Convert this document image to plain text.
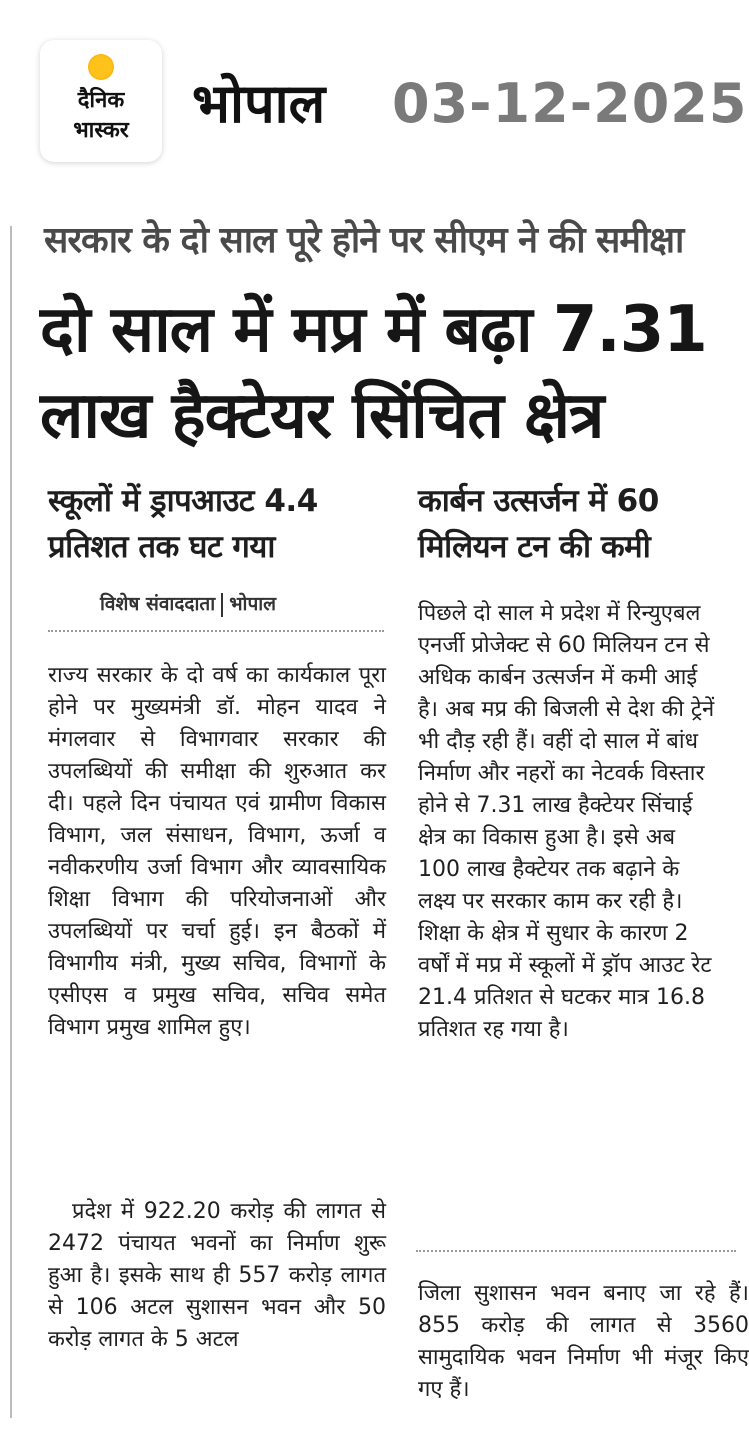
दैनिक
भास्कर	भोपाल 03-12-2025
सरकार के दो साल पूरे होने पर सीएम ने की समीक्षा
दो साल में मप्र में बढ़ा 7.31
लाख हैक्टेयर सिंचित क्षेत्र
स्कूलों में ड्रापआउट 4.4
प्रतिशत तक घट गया
कार्बन उत्सर्जन में 60
मिलियन टन की कमी
विशेष संवाददाता भोपाल
राज्य सरकार के दो वर्ष का कार्यकाल पूरा होने पर मुख्यमंत्री डॉ. मोहन यादव ने मंगलवार से विभागवार सरकार की उपलब्धियों की समीक्षा की शुरुआत कर दी। पहले दिन पंचायत एवं ग्रामीण विकास विभाग, जल संसाधन, विभाग, ऊर्जा व नवीकरणीय उर्जा विभाग और व्यावसायिक शिक्षा विभाग की परियोजनाओं और उपलब्धियों पर चर्चा हुई। इन बैठकों में विभागीय मंत्री, मुख्य सचिव, विभागों के एसीएस व प्रमुख सचिव, सचिव समेत विभाग प्रमुख शामिल हुए।
प्रदेश में 922.20 करोड़ की लागत से 2472 पंचायत भवनों का निर्माण शुरू हुआ है। इसके साथ ही 557 करोड़ लागत से 106 अटल सुशासन भवन और 50 करोड़ लागत के 5 अटल
पिछले दो साल मे प्रदेश में रिन्युएबल एनर्जी प्रोजेक्ट से 60 मिलियन टन से अधिक कार्बन उत्सर्जन में कमी आई है। अब मप्र की बिजली से देश की ट्रेनें भी दौड़ रही हैं। वहीं दो साल में बांध निर्माण और नहरों का नेटवर्क विस्तार होने से 7.31 लाख हैक्टेयर सिंचाई क्षेत्र का विकास हुआ है। इसे अब 100 लाख हैक्टेयर तक बढ़ाने के लक्ष्य पर सरकार काम कर रही है। शिक्षा के क्षेत्र में सुधार के कारण 2 वर्षों में मप्र में स्कूलों में ड्रॉप आउट रेट 21.4 प्रतिशत से घटकर मात्र 16.8 प्रतिशत रह गया है।
जिला सुशासन भवन बनाए जा रहे हैं। 855 करोड़ की लागत से 3560 सामुदायिक भवन निर्माण भी मंजूर किए गए हैं।
